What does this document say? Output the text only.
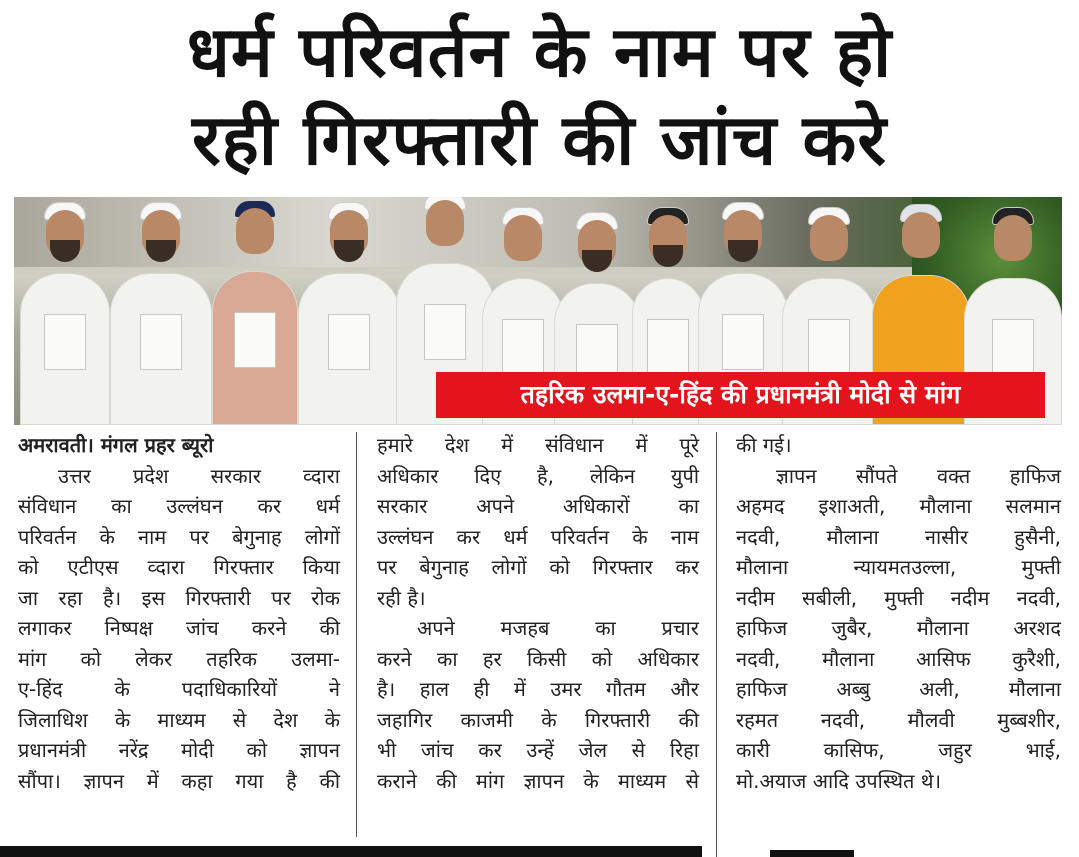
धर्म परिवर्तन के नाम पर हो
रही गिरफ्तारी की जांच करे
तहरिक उलमा-ए-हिंद की प्रधानमंत्री मोदी से मांग

अमरावती। मंगल प्रहर ब्यूरो

उत्तर प्रदेश सरकार व्दारा

संविधान का उल्लंघन कर धर्म

परिवर्तन के नाम पर बेगुनाह लोगों

को एटीएस व्दारा गिरफ्तार किया

जा रहा है। इस गिरफ्तारी पर रोक

लगाकर निष्पक्ष जांच करने की

मांग को लेकर तहरिक उलमा-

ए-हिंद के पदाधिकारियों ने

जिलाधिश के माध्यम से देश के

प्रधानमंत्री नरेंद्र मोदी को ज्ञापन

सौंपा। ज्ञापन में कहा गया है की

हमारे देश में संविधान में पूरे

अधिकार दिए है, लेकिन युपी

सरकार अपने अधिकारों का

उल्लंघन कर धर्म परिवर्तन के नाम

पर बेगुनाह लोगों को गिरफ्तार कर

रही है।

अपने मजहब का प्रचार

करने का हर किसी को अधिकार

है। हाल ही में उमर गौतम और

जहागिर काजमी के गिरफ्तारी की

भी जांच कर उन्हें जेल से रिहा

कराने की मांग ज्ञापन के माध्यम से

की गई।

ज्ञापन सौंपते वक्त हाफिज

अहमद इशाअती, मौलाना सलमान

नदवी, मौलाना नासीर हुसैनी,

मौलाना न्यायमतउल्ला, मुफ्ती

नदीम सबीली, मुफ्ती नदीम नदवी,

हाफिज जुबैर, मौलाना अरशद

नदवी, मौलाना आसिफ कुरैशी,

हाफिज अब्बु अली, मौलाना

रहमत नदवी, मौलवी मुब्बशीर,

कारी कासिफ, जहुर भाई,

मो.अयाज आदि उपस्थित थे।
